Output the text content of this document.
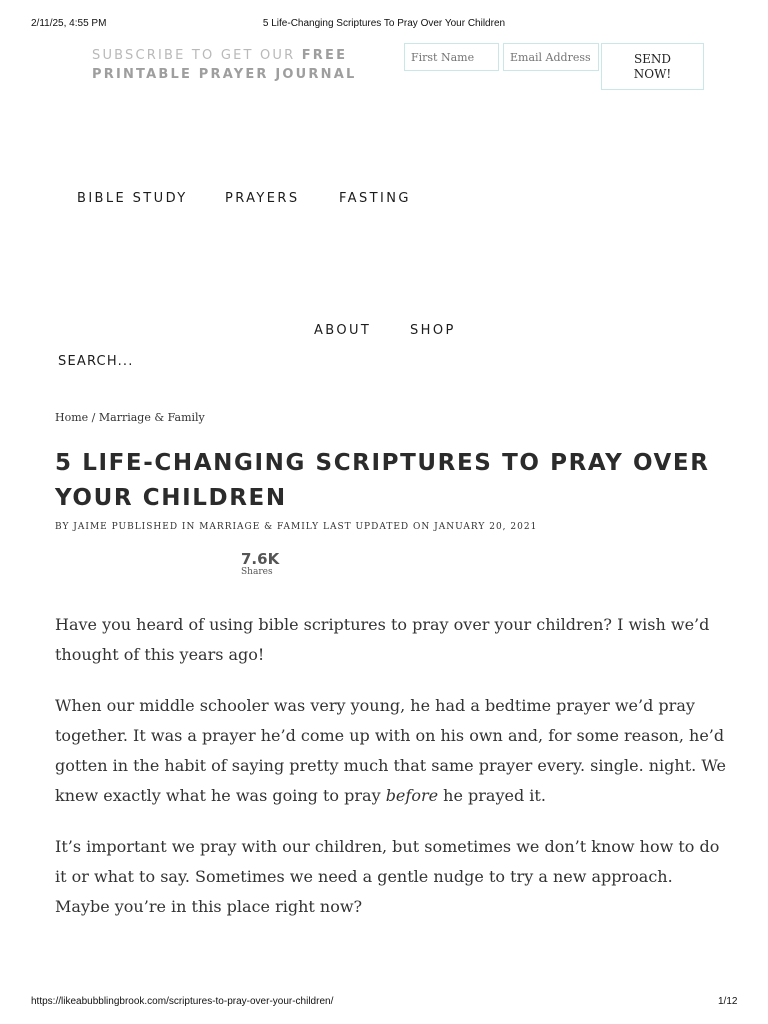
2/11/25, 4:55 PM	5 Life-Changing Scriptures To Pray Over Your Children
SUBSCRIBE TO GET OUR FREE PRINTABLE PRAYER JOURNAL
First Name
Email Address
SEND
NOW!
BIBLE STUDY	PRAYERS	FASTING
ABOUT	SHOP
SEARCH...
Home / Marriage & Family
5 LIFE-CHANGING SCRIPTURES TO PRAY OVER YOUR CHILDREN
BY JAIME PUBLISHED IN MARRIAGE & FAMILY LAST UPDATED ON JANUARY 20, 2021
7.6K
Shares

Have you heard of using bible scriptures to pray over your children? I wish we’d thought of this years ago!

When our middle schooler was very young, he had a bedtime prayer we’d pray together. It was a prayer he’d come up with on his own and, for some reason, he’d gotten in the habit of saying pretty much that same prayer every. single. night. We knew exactly what he was going to pray before he prayed it.

It’s important we pray with our children, but sometimes we don’t know how to do it or what to say. Sometimes we need a gentle nudge to try a new approach. Maybe you’re in this place right now?

https://likeabubblingbrook.com/scriptures-to-pray-over-your-children/	1/12
